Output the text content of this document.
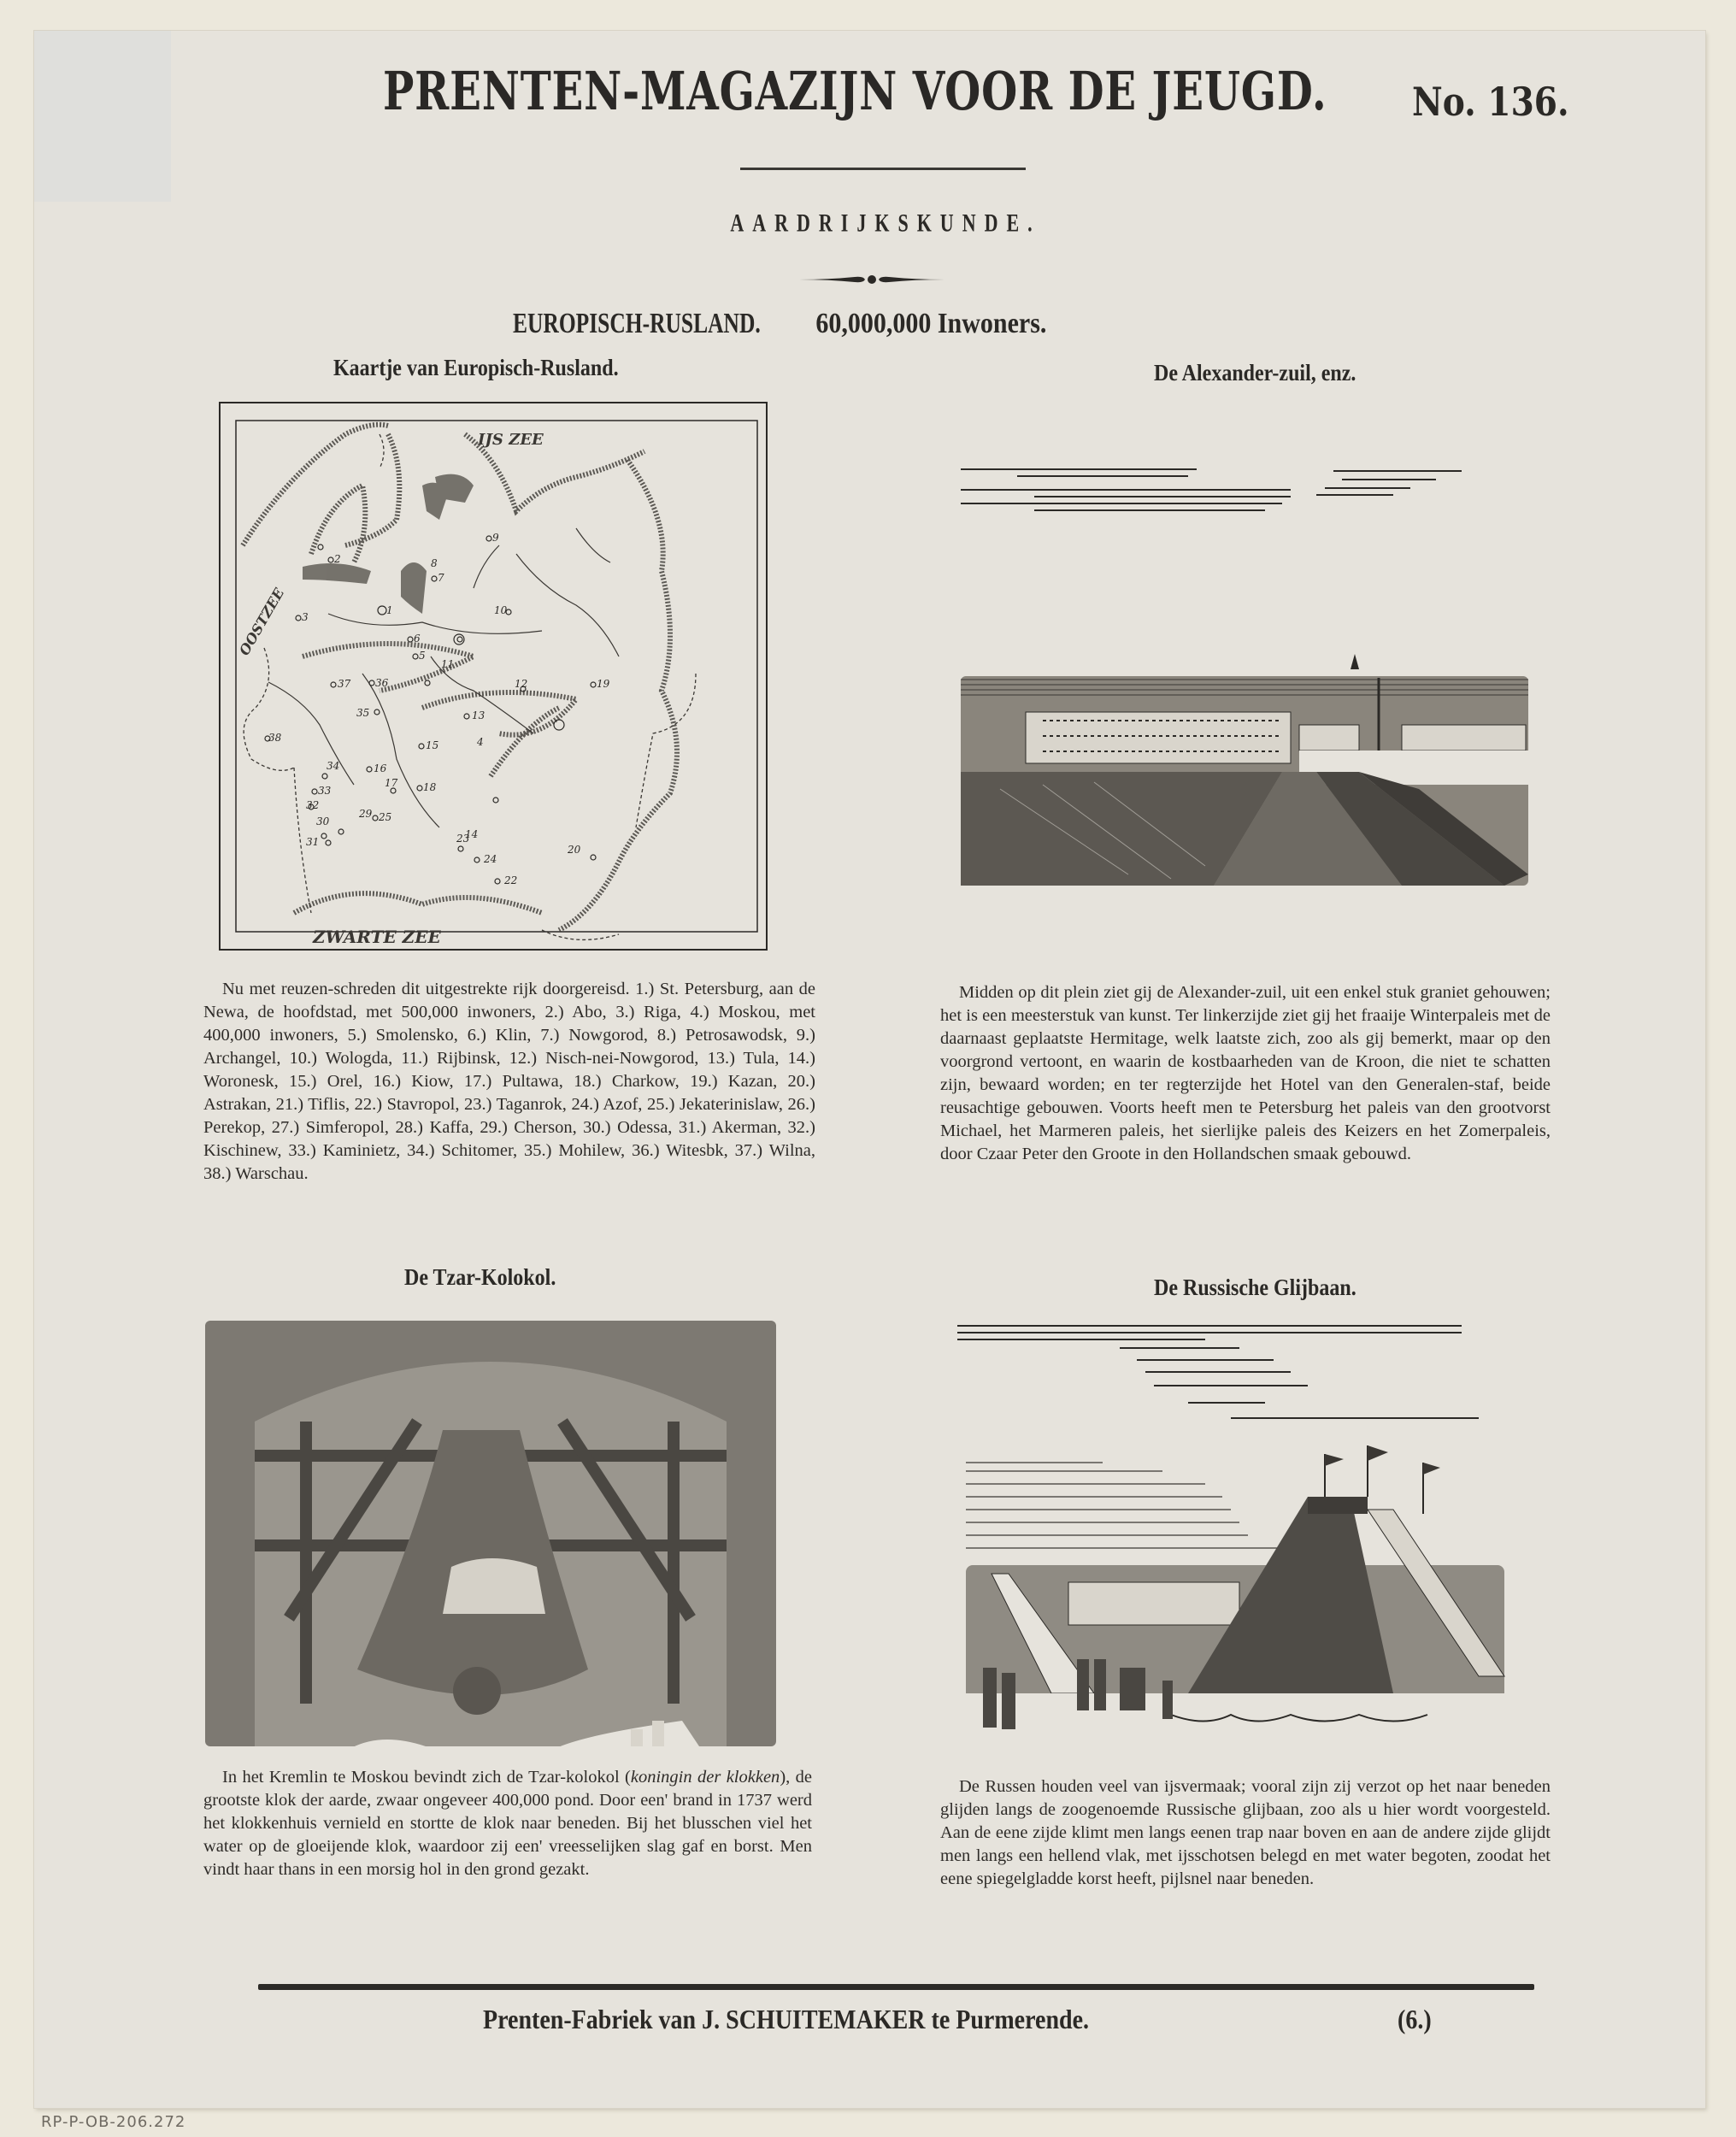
PRENTEN-MAGAZIJN VOOR DE JEUGD. No. 136.
AARDRIJKSKUNDE.
EUROPISCH-RUSLAND. 60,000,000 Inwoners.
Kaartje van Europisch-Rusland.
2
3
1
5
6
7
8
9
10
11
12
13
4
15
16
17 18
19
20
22
23
24
25
30
31
32
33
34
35
36
37
38
14
29
IJS ZEE
OOSTZEE
ZWARTE ZEE
Nu met reuzen-schreden dit uitgestrekte rijk doorgereisd. 1.) St. Petersburg, aan de Newa, de hoofdstad, met 500,000 inwoners, 2.) Abo, 3.) Riga, 4.) Moskou, met 400,000 inwoners, 5.) Smolensko, 6.) Klin, 7.) Nowgorod, 8.) Petrosawodsk, 9.) Archangel, 10.) Wologda, 11.) Rijbinsk, 12.) Nisch-nei-Nowgorod, 13.) Tula, 14.) Woronesk, 15.) Orel, 16.) Kiow, 17.) Pultawa, 18.) Charkow, 19.) Kazan, 20.) Astrakan, 21.) Tiflis, 22.) Stavropol, 23.) Taganrok, 24.) Azof, 25.) Jekaterinislaw, 26.) Perekop, 27.) Simferopol, 28.) Kaffa, 29.) Cherson, 30.) Odessa, 31.) Akerman, 32.) Kischinew, 33.) Kaminietz, 34.) Schitomer, 35.) Mohilew, 36.) Witesbk, 37.) Wilna, 38.) Warschau.
De Alexander-zuil, enz.
Midden op dit plein ziet gij de Alexander-zuil, uit een enkel stuk graniet gehouwen; het is een meesterstuk van kunst. Ter linkerzijde ziet gij het fraaije Winterpaleis met de daarnaast geplaatste Hermitage, welk laatste zich, zoo als gij bemerkt, maar op den voorgrond vertoont, en waarin de kostbaarheden van de Kroon, die niet te schatten zijn, bewaard worden; en ter regterzijde het Hotel van den Generalen-staf, beide reusachtige gebouwen. Voorts heeft men te Petersburg het paleis van den grootvorst Michael, het Marmeren paleis, het sierlijke paleis des Keizers en het Zomerpaleis, door Czaar Peter den Groote in den Hollandschen smaak gebouwd.
De Tzar-Kolokol.
In het Kremlin te Moskou bevindt zich de Tzar-kolokol (koningin der klokken), de grootste klok der aarde, zwaar ongeveer 400,000 pond. Door een' brand in 1737 werd het klokkenhuis vernield en stortte de klok naar beneden. Bij het blusschen viel het water op de gloeijende klok, waardoor zij een' vreesselijken slag gaf en borst. Men vindt haar thans in een morsig hol in den grond gezakt.
De Russische Glijbaan.
De Russen houden veel van ijsvermaak; vooral zijn zij verzot op het naar beneden glijden langs de zoogenoemde Russische glijbaan, zoo als u hier wordt voorgesteld. Aan de eene zijde klimt men langs eenen trap naar boven en aan de andere zijde glijdt men langs een hellend vlak, met ijsschotsen belegd en met water begoten, zoodat het eene spiegelgladde korst heeft, pijlsnel naar beneden.
Prenten-Fabriek van J. SCHUITEMAKER te Purmerende.	(6.)
RP-P-OB-206.272
